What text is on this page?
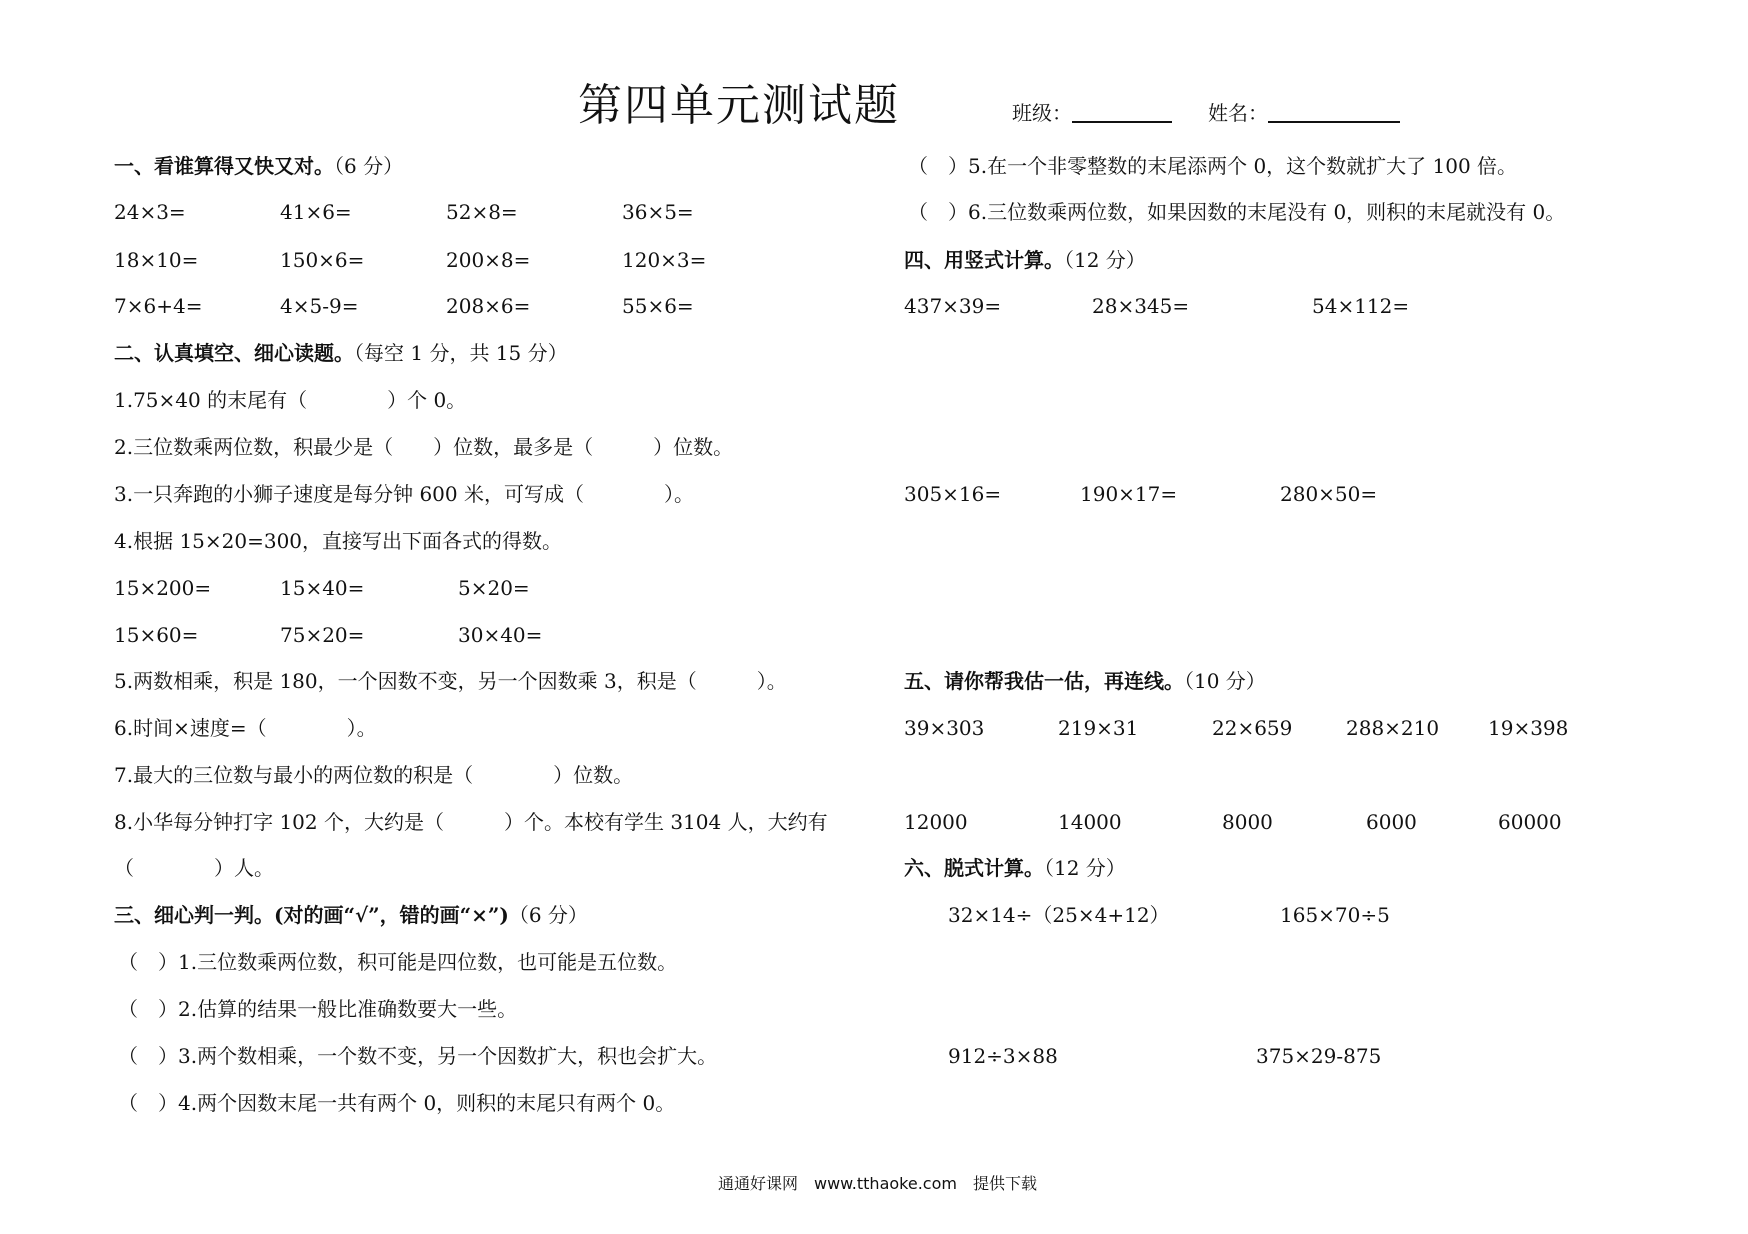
第四单元测试题	班级：	姓名：
一、看谁算得又快又对。（6 分）
24×3=	41×6=	52×8=	36×5=
18×10=	150×6=	200×8=	120×3=
7×6+4=	4×5-9=	208×6=	55×6=
二、认真填空、细心读题。（每空 1 分，共 15 分）
1.75×40 的末尾有（　　　　）个 0。
2.三位数乘两位数，积最少是（　　）位数，最多是（　　　）位数。
3.一只奔跑的小狮子速度是每分钟 600 米，可写成（　　　　）。
4.根据 15×20=300，直接写出下面各式的得数。
15×200=	15×40=	5×20=
15×60=	75×20=	30×40=
5.两数相乘，积是 180，一个因数不变，另一个因数乘 3，积是（　　　）。
6.时间×速度=（　　　　）。
7.最大的三位数与最小的两位数的积是（　　　　）位数。
8.小华每分钟打字 102 个，大约是（　　　）个。本校有学生 3104 人，大约有
（　　　　）人。
三、细心判一判。(对的画“√”，错的画“×”)（6 分）
（　）1.三位数乘两位数，积可能是四位数，也可能是五位数。
（　）2.估算的结果一般比准确数要大一些。
（　）3.两个数相乘，一个数不变，另一个因数扩大，积也会扩大。
（　）4.两个因数末尾一共有两个 0，则积的末尾只有两个 0。
（　）5.在一个非零整数的末尾添两个 0，这个数就扩大了 100 倍。
（　）6.三位数乘两位数，如果因数的末尾没有 0，则积的末尾就没有 0。
四、用竖式计算。（12 分）
437×39=	28×345=	54×112=
305×16=	190×17=	280×50=
五、请你帮我估一估，再连线。（10 分）
39×303	219×31	22×659	288×210 19×398
12000	14000	8000	6000	60000
六、脱式计算。（12 分）
32×14÷（25×4+12）	165×70÷5
912÷3×88	375×29-875
通通好课网　www.tthaoke.com　提供下载
